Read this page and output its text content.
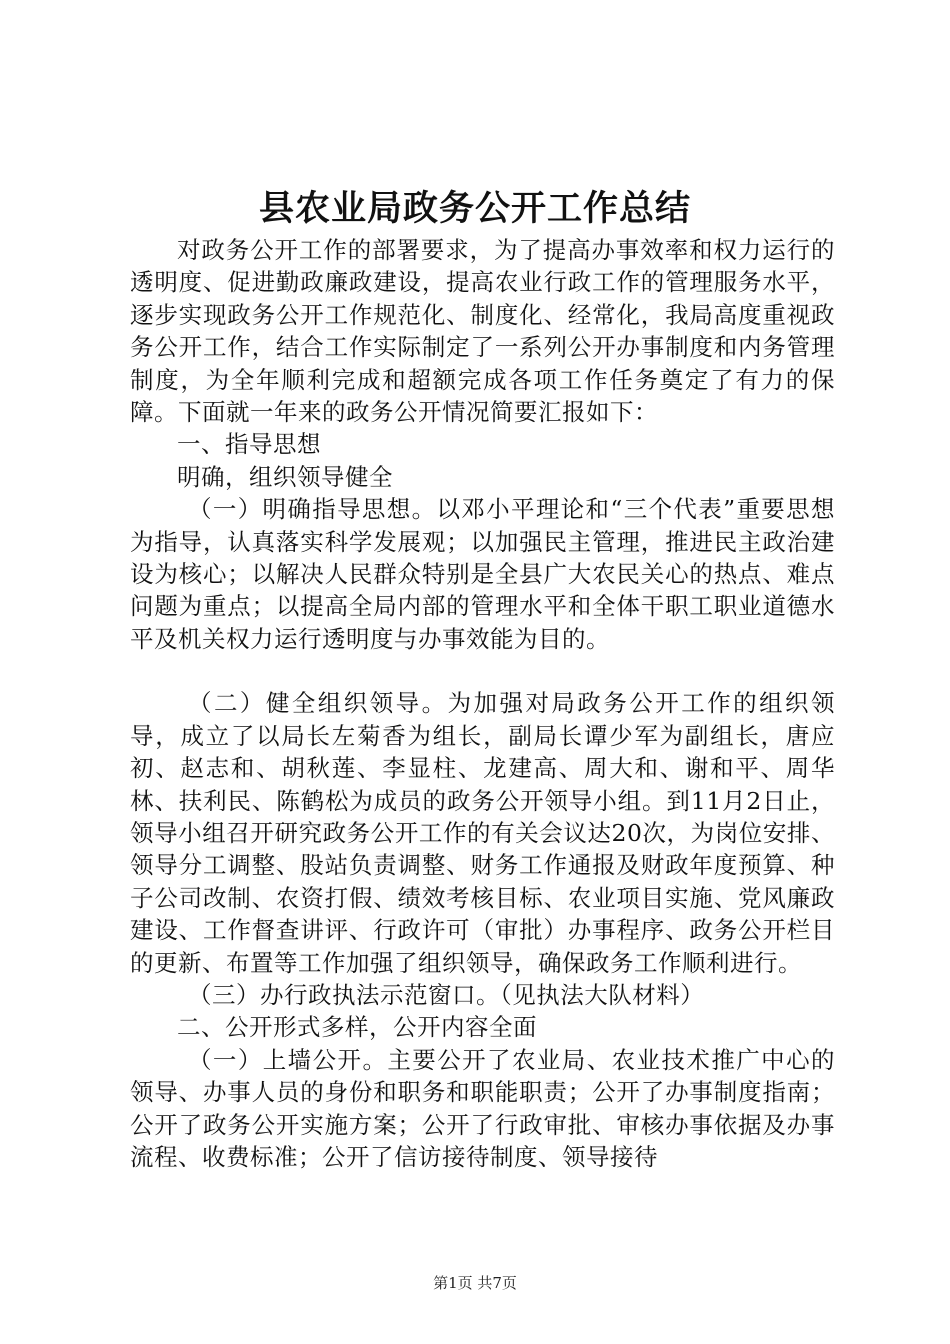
县农业局政务公开工作总结

对政务公开工作的部署要求，为了提高办事效率和权力运行的透明度、促进勤政廉政建设，提高农业行政工作的管理服务水平，逐步实现政务公开工作规范化、制度化、经常化，我局高度重视政务公开工作，结合工作实际制定了一系列公开办事制度和内务管理制度，为全年顺利完成和超额完成各项工作任务奠定了有力的保障。下面就一年来的政务公开情况简要汇报如下：

一、指导思想

明确，组织领导健全

（一）明确指导思想。以邓小平理论和“三个代表”重要思想为指导，认真落实科学发展观；以加强民主管理，推进民主政治建设为核心；以解决人民群众特别是全县广大农民关心的热点、难点问题为重点；以提高全局内部的管理水平和全体干职工职业道德水平及机关权力运行透明度与办事效能为目的。

（二）健全组织领导。为加强对局政务公开工作的组织领导，成立了以局长左菊香为组长，副局长谭少军为副组长，唐应初、赵志和、胡秋莲、李显柱、龙建高、周大和、谢和平、周华林、扶利民、陈鹤松为成员的政务公开领导小组。到11月2日止，领导小组召开研究政务公开工作的有关会议达20次，为岗位安排、领导分工调整、股站负责调整、财务工作通报及财政年度预算、种子公司改制、农资打假、绩效考核目标、农业项目实施、党风廉政建设、工作督查讲评、行政许可（审批）办事程序、政务公开栏目的更新、布置等工作加强了组织领导，确保政务工作顺利进行。

（三）办行政执法示范窗口。（见执法大队材料）

二、公开形式多样，公开内容全面

（一）上墙公开。主要公开了农业局、农业技术推广中心的领导、办事人员的身份和职务和职能职责；公开了办事制度指南；公开了政务公开实施方案；公开了行政审批、审核办事依据及办事流程、收费标准；公开了信访接待制度、领导接待

第1页 共7页
